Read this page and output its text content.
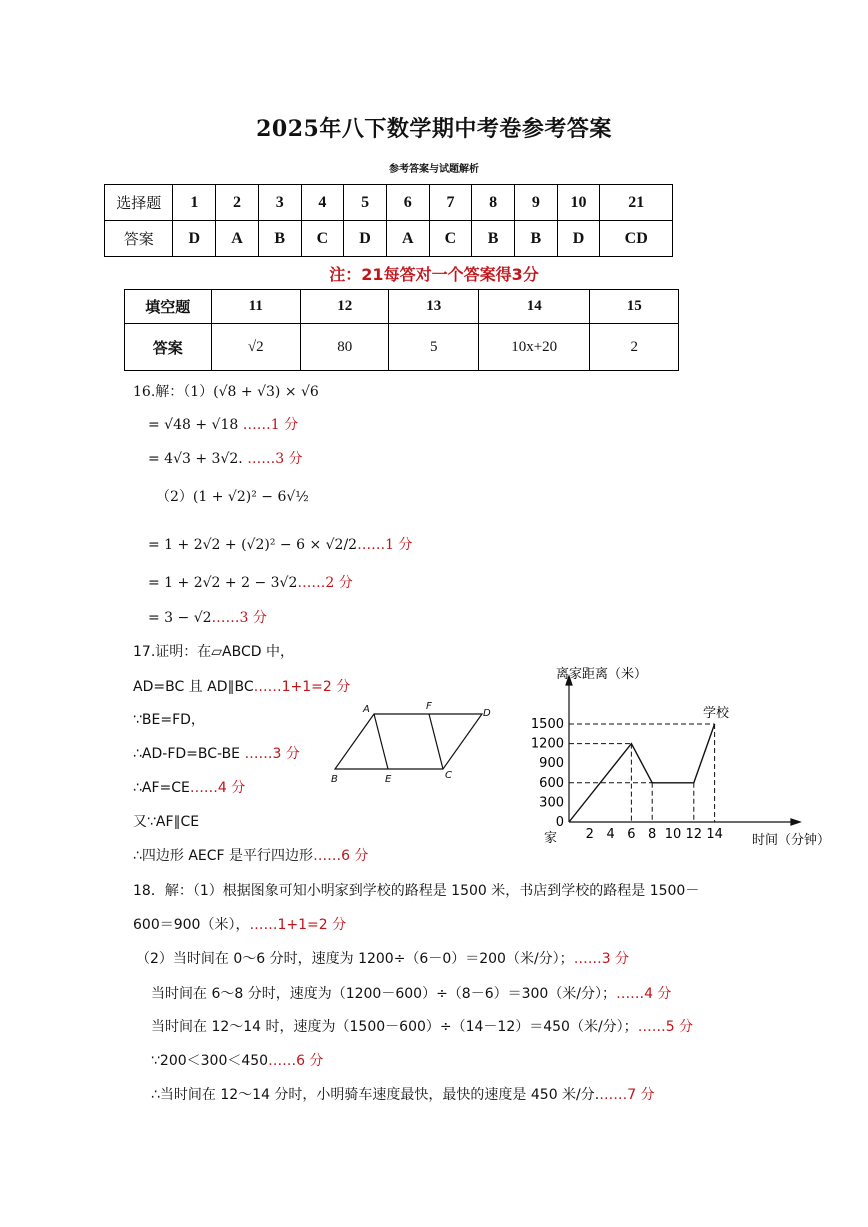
2025年八下数学期中考卷参考答案
参考答案与试题解析
选择题	1	2	3	4	5	6	7	8	9	10	21
答案	D	A	B	C	D	A	C	B	B	D	CD
注：21每答对一个答案得3分
填空题	11	12	13	14	15
答案	√2	80	5	10x+20	2
16.解：（1）(√8 + √3) × √6
= √48 + √18 ……1 分
= 4√3 + 3√2. ……3 分
（2）(1 + √2)² − 6√½
= 1 + 2√2 + (√2)² − 6 × √2/2……1 分
= 1 + 2√2 + 2 − 3√2……2 分
= 3 − √2……3 分
17.证明：在▱ABCD 中，
AD=BC 且 AD∥BC……1+1=2 分
∵BE=FD，
∴AD-FD=BC-BE ……3 分
∴AF=CE……4 分
又∵AF∥CE
∴四边形 AECF 是平行四边形……6 分
A	F
D
B	E	C
2 4 6 8 10 12 14
0
300
600
900
1200
1500
离家距离（米）
时间（分钟）
家
学校
18．解：（1）根据图象可知小明家到学校的路程是 1500 米，书店到学校的路程是 1500－
600＝900（米），……1+1=2 分
（2）当时间在 0～6 分时，速度为 1200÷（6－0）＝200（米/分）；……3 分
当时间在 6～8 分时，速度为（1200－600）÷（8－6）＝300（米/分）；……4 分
当时间在 12～14 时，速度为（1500－600）÷（14－12）＝450（米/分）；……5 分
∵200＜300＜450……6 分
∴当时间在 12～14 分时，小明骑车速度最快，最快的速度是 450 米/分.……7 分
